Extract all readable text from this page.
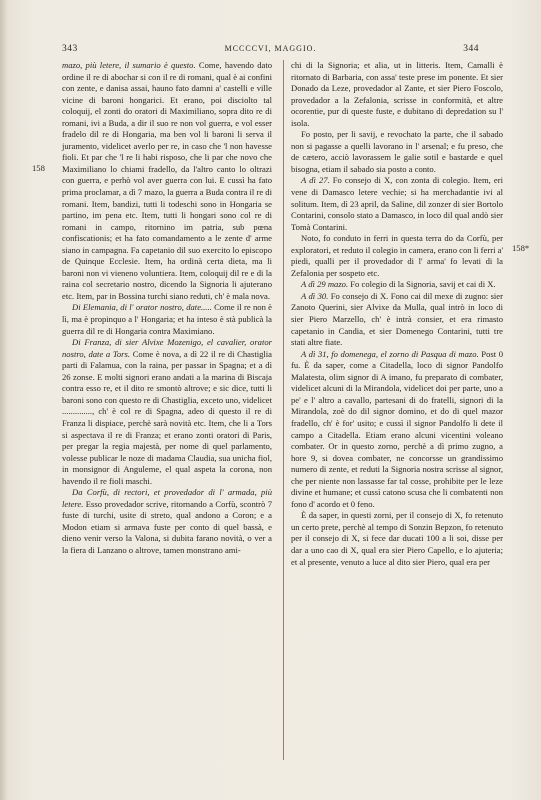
343	MCCCCVI, MAGGIO.	344
158
158*

mazo, più letere, il sumario è questo. Come, havendo dato ordine il re di abochar si con il re di romani, qual è ai confini con zente, e danisa assai, hauno fato damni a' castelli e ville vicine di baroni hongarici. Et erano, poi disciolto tal coloquij, el zonti do oratori di Maximiliano, sopra dito re di romani, ivi a Buda, a dir il suo re non vol guerra, e vol esser fradelo dil re di Hongaria, ma ben vol li baroni li serva il juramento, videlicet averlo per re, in caso che 'l non havesse fioli. Et par che 'l re li habi risposo, che li par che novo che Maximiliano lo chiami fradello, da l'altro canto lo oltrazi con guerra, e perhò vol aver guerra con lui. E cussì ha fato prima proclamar, a dì 7 mazo, la guerra a Buda contra il re di romani. Item, bandizi, tutti li todeschi sono in Hongaria se partino, im pena etc. Item, tutti li hongari sono col re di romani in campo, ritornino im patria, sub pœna confiscationis; et ha fato comandamento a le zente d' arme siano in campagna. Fa capetanio dil suo exercito lo episcopo de Quinque Ecclesie. Item, ha ordinà certa dieta, ma li baroni non vi vieneno voluntiera. Item, coloquij dil re e di la raina col secretario nostro, dicendo la Signoria li ajuterano etc. Item, par in Bossina turchi siano reduti, ch' è mala nova.

Di Elemania, di l' orator nostro, date..... Come il re non è lì, ma è propinquo a l' Hongaria; et ha inteso è stà publicà la guerra dil re di Hongaria contra Maximiano.

Di Franza, di sier Alvixe Mozenigo, el cavalier, orator nostro, date a Tors. Come è nova, a dì 22 il re di Chastiglia parti di Falamua, con la raina, per passar in Spagna; et a dì 26 zonse. E molti signori erano andati a la marina di Biscaja contra esso re, et il dito re smontò altrove; e sic dice, tutti li baroni sono con questo re di Chastiglia, exceto uno, videlicet .............., ch' è col re di Spagna, adeo di questo il re di Franza li dispiace, perchè sarà novità etc. Item, che li a Tors si aspectava il re di Franza; et erano zonti oratori di Paris, per pregar la regia majestà, per nome di quel parlamento, volesse publicar le noze di madama Claudia, sua unicha fiol, in monsignor di Anguleme, el qual aspeta la corona, non havendo il re fioli maschi.

Da Corfù, di rectori, et provedador di l' armada, più letere. Esso provedador scrive, ritornando a Corfù, scontrò 7 fuste di turchi, usite di streto, qual andono a Coron; e a Modon etiam si armava fuste per conto di quel bassà, e dieno venir verso la Valona, si dubita farano novità, o ver a la fiera di Lanzano o altrove, tamen monstrano ami-

chi di la Signoria; et alia, ut in litteris. Item, Camalli è ritornato di Barbaria, con assa' teste prese im ponente. Et sier Donado da Leze, provedador al Zante, et sier Piero Foscolo, provedador a la Zefalonia, scrisse in conformità, et altre ocorentie, pur di queste fuste, e dubitano di depredation su l' isola.

Fo posto, per li savij, e revochato la parte, che il sabado non si pagasse a quelli lavorano in l' arsenal; e fu preso, che de cætero, acciò lavorassem le galie sotil e bastarde e quel bisogna, etiam il sabado sia posto a conto.

A dì 27. Fo consejo di X, con zonta di colegio. Item, eri vene di Damasco letere vechie; si ha merchadantie ivi al solitum. Item, dì 23 april, da Saline, dil zonzer di sier Bortolo Contarini, consolo stato a Damasco, in loco dil qual andò sier Tomà Contarini.

Noto, fo conduto in ferri in questa terra do da Corfù, per exploratori, et reduto il colegio in camera, erano con li ferri a' piedi, qualli per il provedador di l' arma' fo levati di la Zefalonia per sospeto etc.

A dì 29 mazo. Fo colegio di la Signoria, savij et cai di X.

A dì 30. Fo consejo di X. Fono cai dil mexe di zugno: sier Zanoto Querini, sier Alvixe da Mulla, qual intrò in loco di sier Piero Marzello, ch' è intrà consier, et era rimasto capetanio in Candia, et sier Domenego Contarini, tutti tre stati altre fiate.

A dì 31, fo domenega, el zorno di Pasqua di mazo. Post 0 fu. È da saper, come a Citadella, loco di signor Pandolfo Malatesta, olim signor di A imano, fu preparato di combater, videlicet alcuni di la Mirandola, videlicet doi per parte, uno a pe' e l' altro a cavallo, partesani di do fratelli, signori di la Mirandola, zoè do dil signor domino, et do di quel mazor fradello, ch' è for' usito; e cussì il signor Pandolfo li dete il campo a Citadella. Etiam erano alcuni vicentini voleano combater. Or in questo zorno, perchè a dì primo zugno, a hore 9, si dovea combater, ne concorsse un grandissimo numero di zente, et reduti la Signoria nostra scrisse al signor, che per niente non lassasse far tal cosse, prohibite per le leze divine et humane; et cussì catono scusa che li combatenti non fono d' acordo et 0 feno.

È da saper, in questi zorni, per il consejo di X, fo retenuto un certo prete, perchè al tempo di Sonzin Bepzon, fo retenuto per il consejo di X, si fece dar ducati 100 a li soi, disse per dar a uno cao di X, qual era sier Piero Capello, e lo ajuteria; et al presente, venuto a luce al dito sier Piero, qual era per
